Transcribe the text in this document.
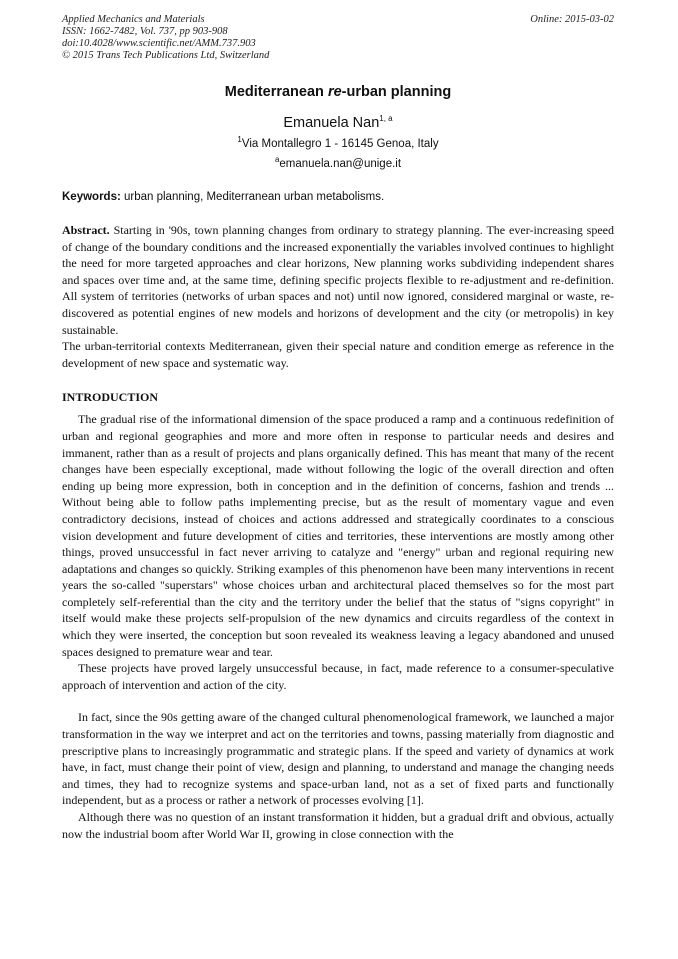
Applied Mechanics and Materials
ISSN: 1662-7482, Vol. 737, pp 903-908
doi:10.4028/www.scientific.net/AMM.737.903
© 2015 Trans Tech Publications Ltd, Switzerland
Online: 2015-03-02
Mediterranean re-urban planning
Emanuela Nan$^{1, a}$
$^1$Via Montallegro 1 - 16145 Genoa, Italy
$^a$emanuela.nan@unige.it
Keywords: urban planning, Mediterranean urban metabolisms.

Abstract. Starting in '90s, town planning changes from ordinary to strategy planning. The ever-increasing speed of change of the boundary conditions and the increased exponentially the variables involved continues to highlight the need for more targeted approaches and clear horizons, New planning works subdividing independent shares and spaces over time and, at the same time, defining specific projects flexible to re-adjustment and re-definition. All system of territories (networks of urban spaces and not) until now ignored, considered marginal or waste, re-discovered as potential engines of new models and horizons of development and the city (or metropolis) in key sustainable.

The urban-territorial contexts Mediterranean, given their special nature and condition emerge as reference in the development of new space and systematic way.

INTRODUCTION

The gradual rise of the informational dimension of the space produced a ramp and a continuous redefinition of urban and regional geographies and more and more often in response to particular needs and desires and immanent, rather than as a result of projects and plans organically defined. This has meant that many of the recent changes have been especially exceptional, made without following the logic of the overall direction and often ending up being more expression, both in conception and in the definition of concerns, fashion and trends ... Without being able to follow paths implementing precise, but as the result of momentary vague and even contradictory decisions, instead of choices and actions addressed and strategically coordinates to a conscious vision development and future development of cities and territories, these interventions are mostly among other things, proved unsuccessful in fact never arriving to catalyze and "energy" urban and regional requiring new adaptations and changes so quickly. Striking examples of this phenomenon have been many interventions in recent years the so-called "superstars" whose choices urban and architectural placed themselves so for the most part completely self-referential than the city and the territory under the belief that the status of "signs copyright" in itself would make these projects self-propulsion of the new dynamics and circuits regardless of the context in which they were inserted, the conception but soon revealed its weakness leaving a legacy abandoned and unused spaces designed to premature wear and tear.

These projects have proved largely unsuccessful because, in fact, made reference to a consumer-speculative approach of intervention and action of the city.

In fact, since the 90s getting aware of the changed cultural phenomenological framework, we launched a major transformation in the way we interpret and act on the territories and towns, passing materially from diagnostic and prescriptive plans to increasingly programmatic and strategic plans. If the speed and variety of dynamics at work have, in fact, must change their point of view, design and planning, to understand and manage the changing needs and times, they had to recognize systems and space-urban land, not as a set of fixed parts and functionally independent, but as a process or rather a network of processes evolving [1].

Although there was no question of an instant transformation it hidden, but a gradual drift and obvious, actually now the industrial boom after World War II, growing in close connection with the
